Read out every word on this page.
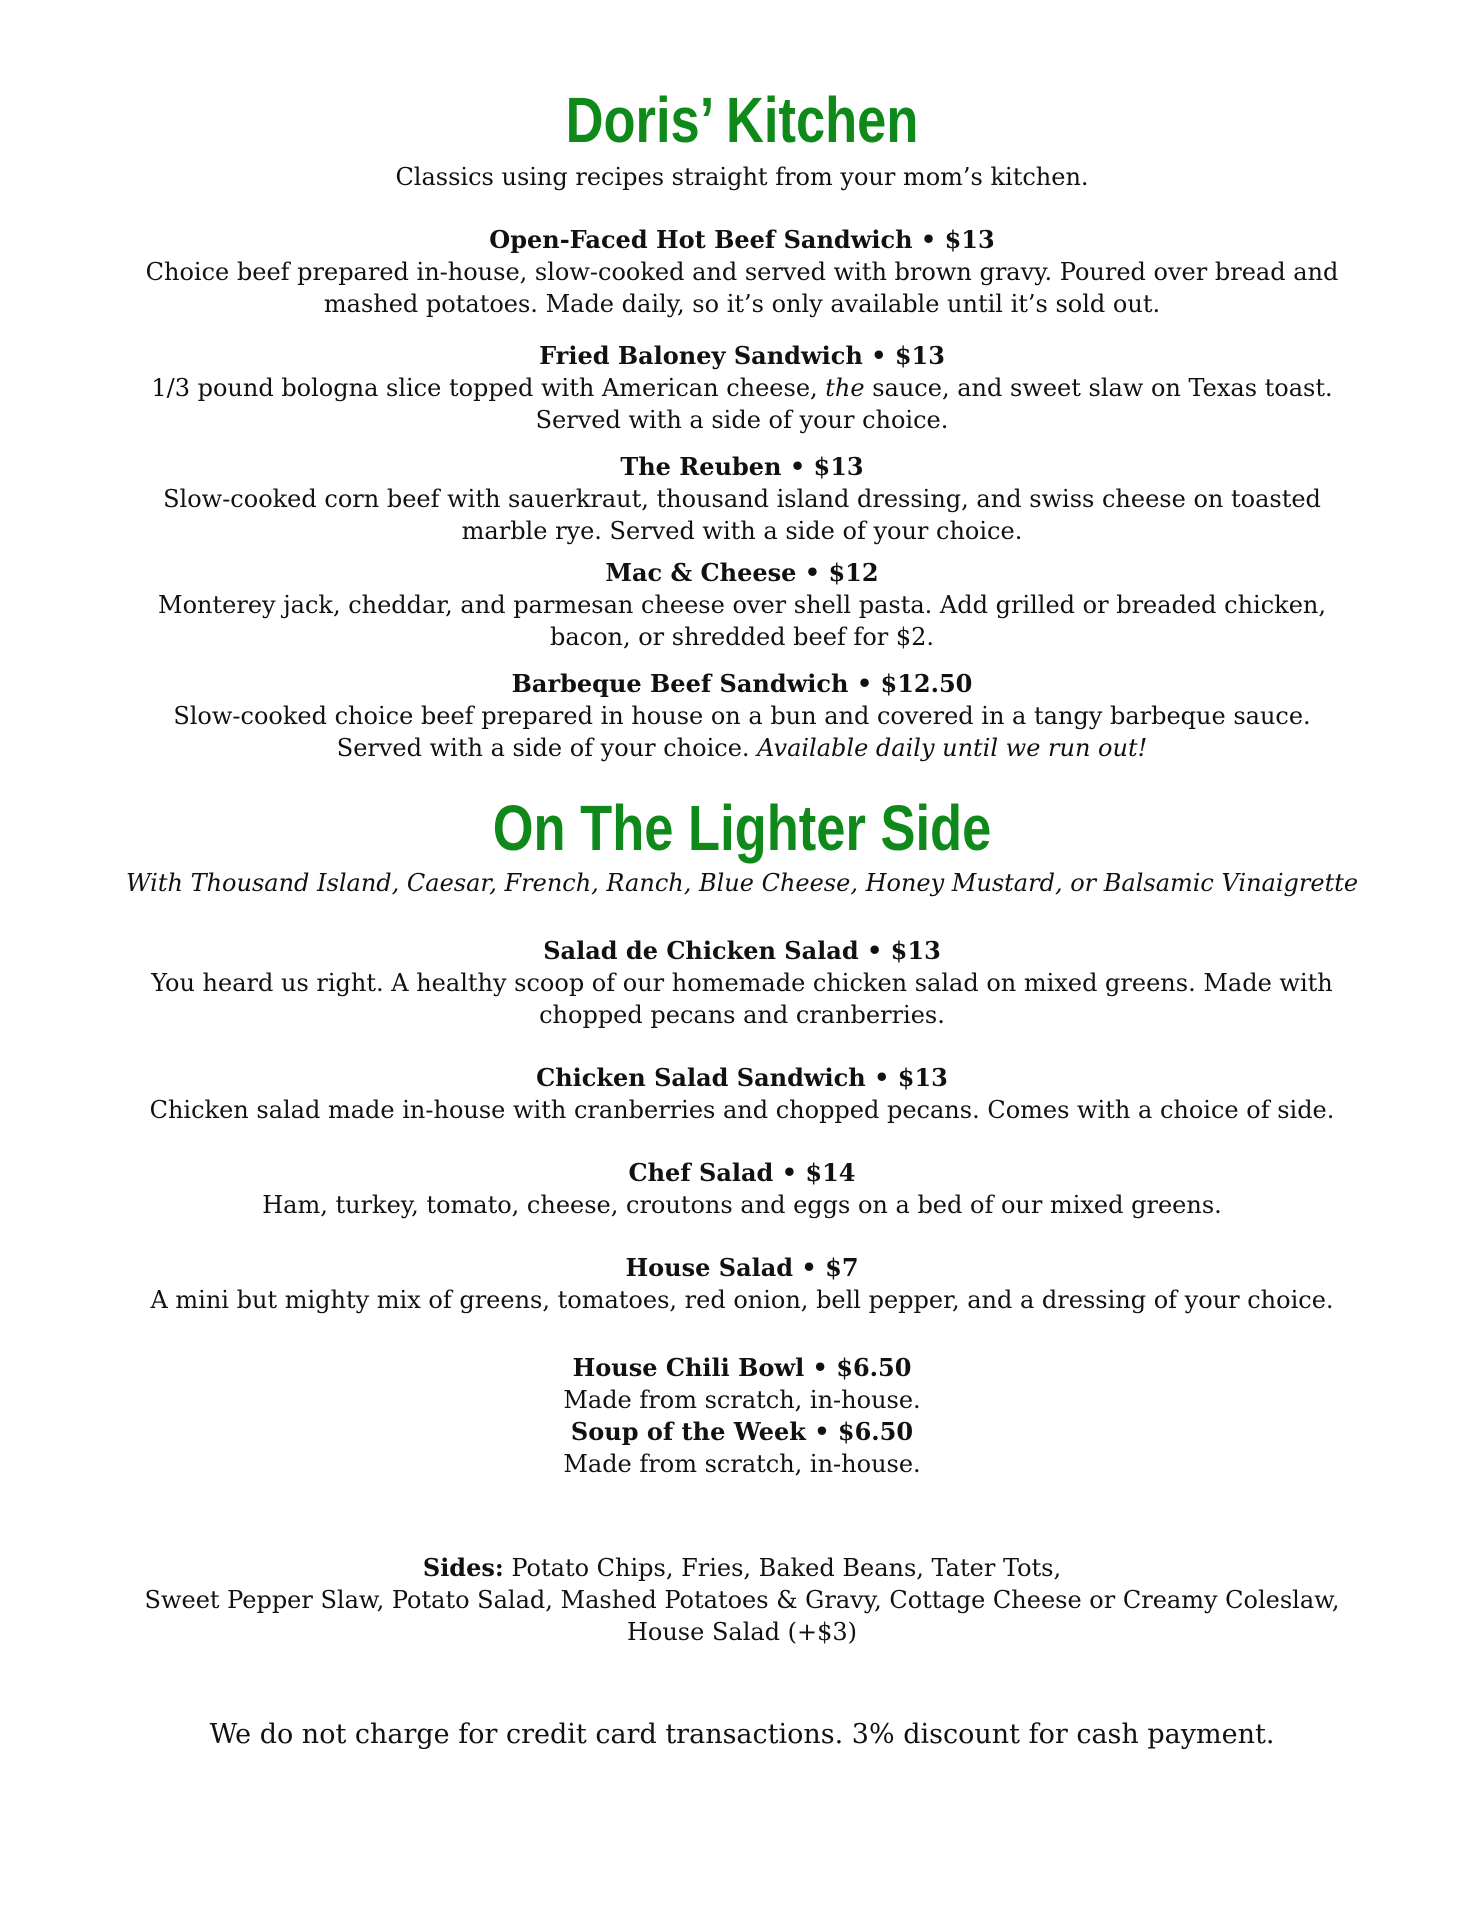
Doris’ Kitchen

Classics using recipes straight from your mom’s kitchen.

Open-Faced Hot Beef Sandwich • $13

Choice beef prepared in-house, slow-cooked and served with brown gravy. Poured over bread and

mashed potatoes. Made daily, so it’s only available until it’s sold out.

Fried Baloney Sandwich • $13

1/3 pound bologna slice topped with American cheese, the sauce, and sweet slaw on Texas toast.

Served with a side of your choice.

The Reuben • $13

Slow-cooked corn beef with sauerkraut, thousand island dressing, and swiss cheese on toasted

marble rye. Served with a side of your choice.

Mac & Cheese • $12

Monterey jack, cheddar, and parmesan cheese over shell pasta. Add grilled or breaded chicken,

bacon, or shredded beef for $2.

Barbeque Beef Sandwich • $12.50

Slow-cooked choice beef prepared in house on a bun and covered in a tangy barbeque sauce.

Served with a side of your choice. Available daily until we run out!

On The Lighter Side

With Thousand Island, Caesar, French, Ranch, Blue Cheese, Honey Mustard, or Balsamic Vinaigrette

Salad de Chicken Salad • $13

You heard us right. A healthy scoop of our homemade chicken salad on mixed greens. Made with

chopped pecans and cranberries.

Chicken Salad Sandwich • $13

Chicken salad made in-house with cranberries and chopped pecans. Comes with a choice of side.

Chef Salad • $14

Ham, turkey, tomato, cheese, croutons and eggs on a bed of our mixed greens.

House Salad • $7

A mini but mighty mix of greens, tomatoes, red onion, bell pepper, and a dressing of your choice.

House Chili Bowl • $6.50

Made from scratch, in-house.

Soup of the Week • $6.50

Made from scratch, in-house.

Sides: Potato Chips, Fries, Baked Beans, Tater Tots,

Sweet Pepper Slaw, Potato Salad, Mashed Potatoes & Gravy, Cottage Cheese or Creamy Coleslaw,

House Salad (+$3)

We do not charge for credit card transactions. 3% discount for cash payment.
